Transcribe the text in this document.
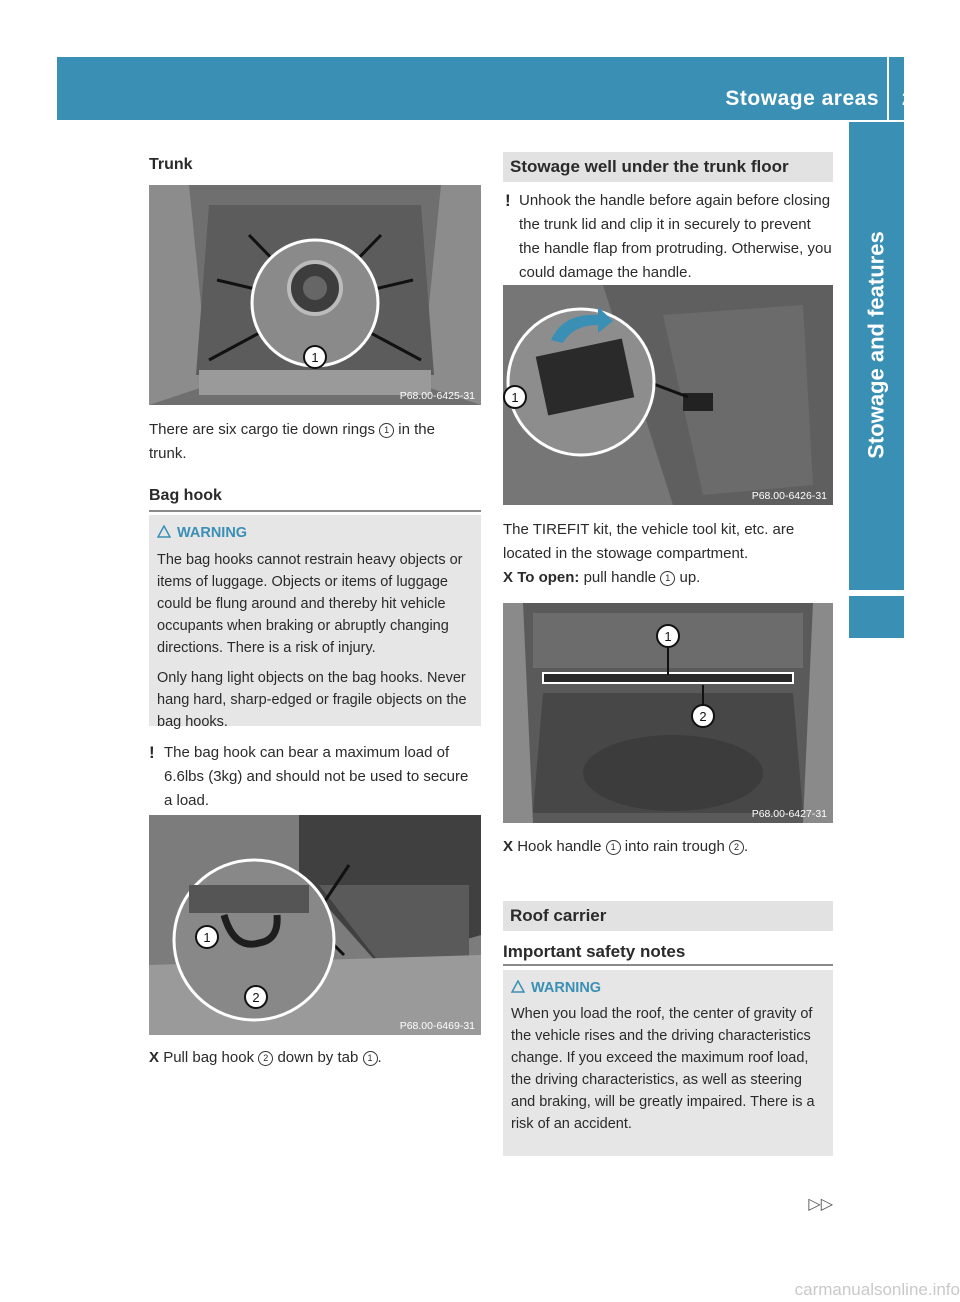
Stowage areas 283
Stowage and features
Trunk
1
P68.00-6425-31
There are six cargo tie down rings 1 in the
trunk.
Bag hook
WARNING

The bag hooks cannot restrain heavy objects or items of luggage. Objects or items of luggage could be flung around and thereby hit vehicle occupants when braking or abruptly changing directions. There is a risk of injury.

Only hang light objects on the bag hooks. Never hang hard, sharp-edged or fragile objects on the bag hooks.

! The bag hook can bear a maximum load of 6.6lbs (3kg) and should not be used to secure a load.
1
2
P68.00-6469-31
X Pull bag hook 2 down by tab 1 .
Stowage well under the trunk floor
! Unhook the handle before again before closing the trunk lid and clip it in securely to prevent the handle flap from protruding. Otherwise, you could damage the handle.
1
P68.00-6426-31
The TIREFIT kit, the vehicle tool kit, etc. are located in the stowage compartment.
X To open: pull handle 1 up.
1
2
P68.00-6427-31
X Hook handle 1 into rain trough 2 .
Roof carrier
Important safety notes
WARNING
When you load the roof, the center of gravity of the vehicle rises and the driving characteristics change. If you exceed the maximum roof load, the driving characteristics, as well as steering and braking, will be greatly impaired. There is a risk of an accident.
▷▷
carmanualsonline.info
